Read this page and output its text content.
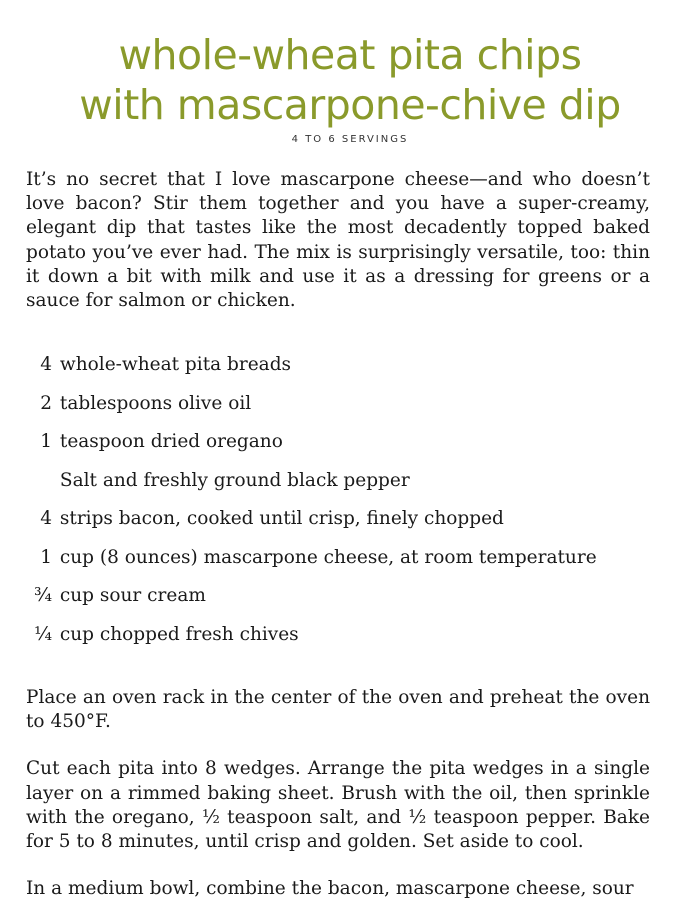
whole-wheat pita chips
with mascarpone-chive dip
4 TO 6 SERVINGS

It’s no secret that I love mascarpone cheese—and who doesn’t love bacon? Stir them together and you have a super-creamy, elegant dip that tastes like the most decadently topped baked potato you’ve ever had. The mix is surprisingly versatile, too: thin it down a bit with milk and use it as a dressing for greens or a sauce for salmon or chicken.

4 whole-wheat pita breads
2 tablespoons olive oil
1 teaspoon dried oregano
Salt and freshly ground black pepper
4 strips bacon, cooked until crisp, finely chopped
1 cup (8 ounces) mascarpone cheese, at room temperature
¾ cup sour cream
¼ cup chopped fresh chives

Place an oven rack in the center of the oven and preheat the oven to 450°F.

Cut each pita into 8 wedges. Arrange the pita wedges in a single layer on a rimmed baking sheet. Brush with the oil, then sprinkle with the oregano, ½ teaspoon salt, and ½ teaspoon pepper. Bake for 5 to 8 minutes, until crisp and golden. Set aside to cool.

In a medium bowl, combine the bacon, mascarpone cheese, sour
